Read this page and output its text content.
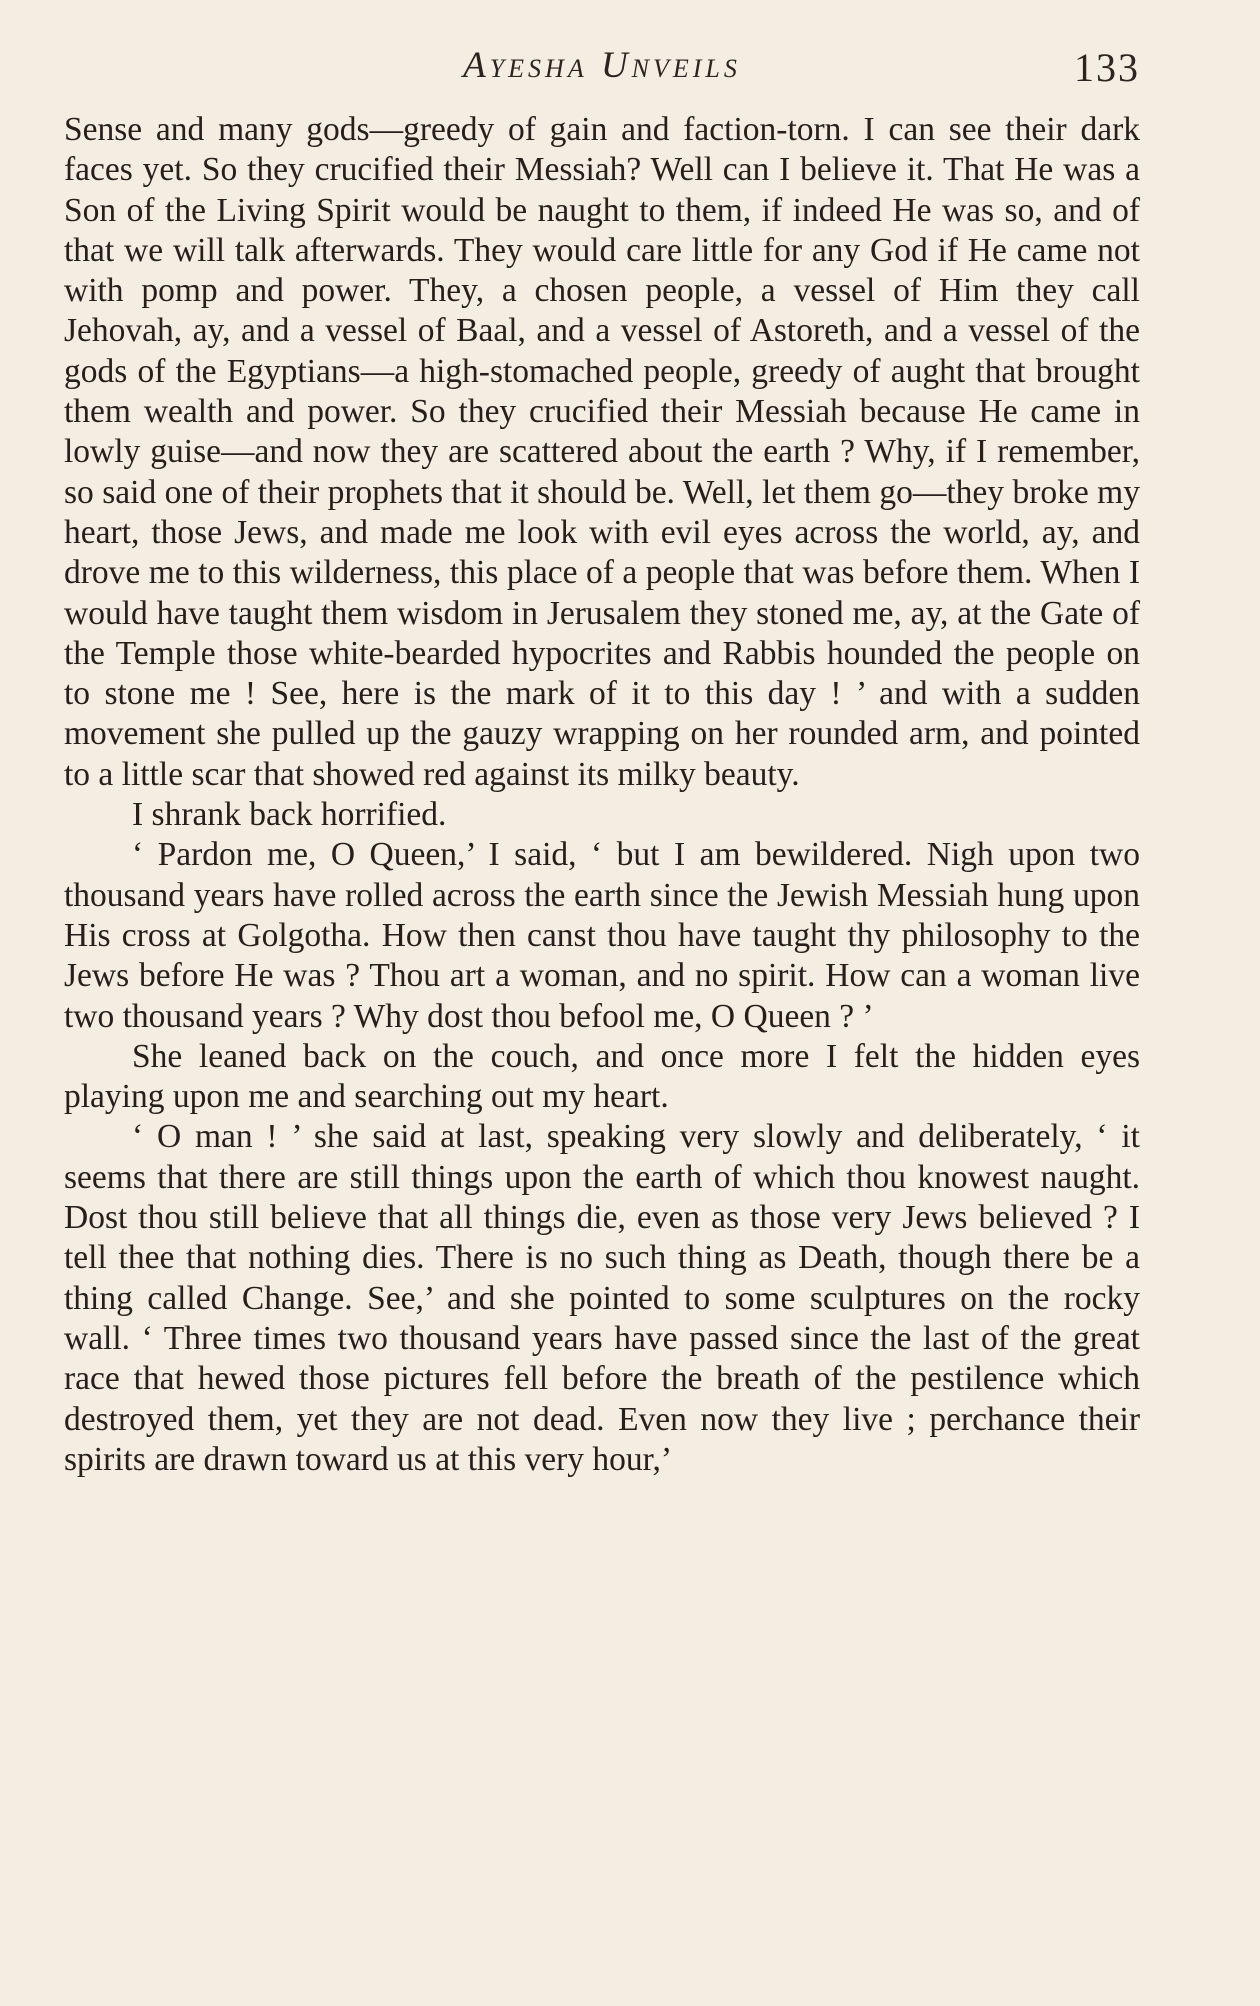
Ayesha Unveils	133

Sense and many gods—greedy of gain and faction-torn. I can see their dark faces yet. So they crucified their Messiah? Well can I believe it. That He was a Son of the Living Spirit would be naught to them, if indeed He was so, and of that we will talk afterwards. They would care little for any God if He came not with pomp and power. They, a chosen people, a vessel of Him they call Jehovah, ay, and a vessel of Baal, and a vessel of Astoreth, and a vessel of the gods of the Egyptians—a high-stomached people, greedy of aught that brought them wealth and power. So they crucified their Messiah because He came in lowly guise—and now they are scattered about the earth ? Why, if I remember, so said one of their prophets that it should be. Well, let them go—they broke my heart, those Jews, and made me look with evil eyes across the world, ay, and drove me to this wilderness, this place of a people that was before them. When I would have taught them wisdom in Jerusalem they stoned me, ay, at the Gate of the Temple those white-bearded hypocrites and Rabbis hounded the people on to stone me ! See, here is the mark of it to this day ! ’ and with a sudden movement she pulled up the gauzy wrapping on her rounded arm, and pointed to a little scar that showed red against its milky beauty.

I shrank back horrified.

‘ Pardon me, O Queen,’ I said, ‘ but I am bewildered. Nigh upon two thousand years have rolled across the earth since the Jewish Messiah hung upon His cross at Golgotha. How then canst thou have taught thy philosophy to the Jews before He was ? Thou art a woman, and no spirit. How can a woman live two thousand years ? Why dost thou befool me, O Queen ? ’

She leaned back on the couch, and once more I felt the hidden eyes playing upon me and searching out my heart.

‘ O man ! ’ she said at last, speaking very slowly and deliberately, ‘ it seems that there are still things upon the earth of which thou knowest naught. Dost thou still believe that all things die, even as those very Jews believed ? I tell thee that nothing dies. There is no such thing as Death, though there be a thing called Change. See,’ and she pointed to some sculptures on the rocky wall. ‘ Three times two thousand years have passed since the last of the great race that hewed those pictures fell before the breath of the pestilence which destroyed them, yet they are not dead. Even now they live ; perchance their spirits are drawn toward us at this very hour,’
